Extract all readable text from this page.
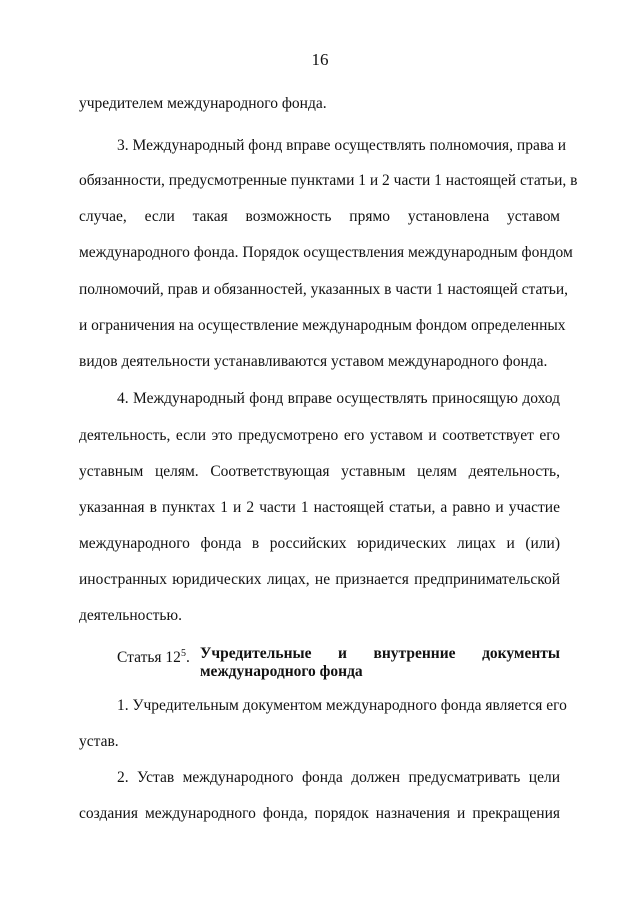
16
учредителем международного фонда.
3. Международный фонд вправе осуществлять полномочия, права и
обязанности, предусмотренные пунктами 1 и 2 части 1 настоящей статьи, в
случае, если такая возможность прямо установлена уставом
международного фонда. Порядок осуществления международным фондом
полномочий, прав и обязанностей, указанных в части 1 настоящей статьи,
и ограничения на осуществление международным фондом определенных
видов деятельности устанавливаются уставом международного фонда.
4. Международный фонд вправе осуществлять приносящую доход
деятельность, если это предусмотрено его уставом и соответствует его
уставным целям. Соответствующая уставным целям деятельность,
указанная в пунктах 1 и 2 части 1 настоящей статьи, а равно и участие
международного фонда в российских юридических лицах и (или)
иностранных юридических лицах, не признается предпринимательской
деятельностью.
Статья $12^5$. Учредительные и внутренние документы
международного фонда
1. Учредительным документом международного фонда является его
устав.
2. Устав международного фонда должен предусматривать цели
создания международного фонда, порядок назначения и прекращения
